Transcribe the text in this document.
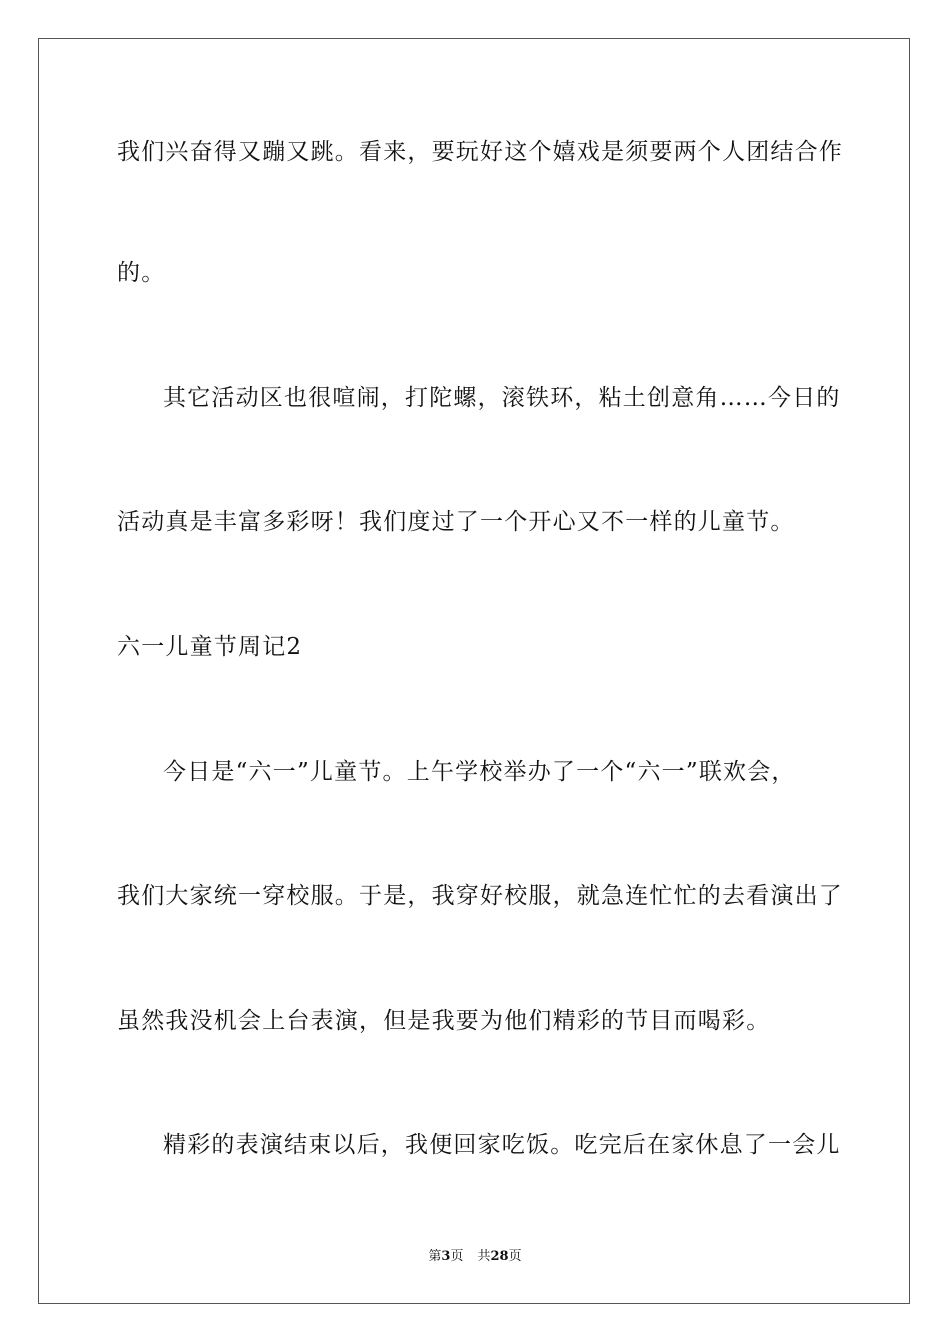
我们兴奋得又蹦又跳。看来，要玩好这个嬉戏是须要两个人团结合作
的。
其它活动区也很喧闹，打陀螺，滚铁环，粘土创意角……今日的
活动真是丰富多彩呀！我们度过了一个开心又不一样的儿童节。
六一儿童节周记2
今日是“六一”儿童节。上午学校举办了一个“六一”联欢会，
我们大家统一穿校服。于是，我穿好校服，就急连忙忙的去看演出了
虽然我没机会上台表演，但是我要为他们精彩的节目而喝彩。
精彩的表演结束以后，我便回家吃饭。吃完后在家休息了一会儿
第3页 共28页
